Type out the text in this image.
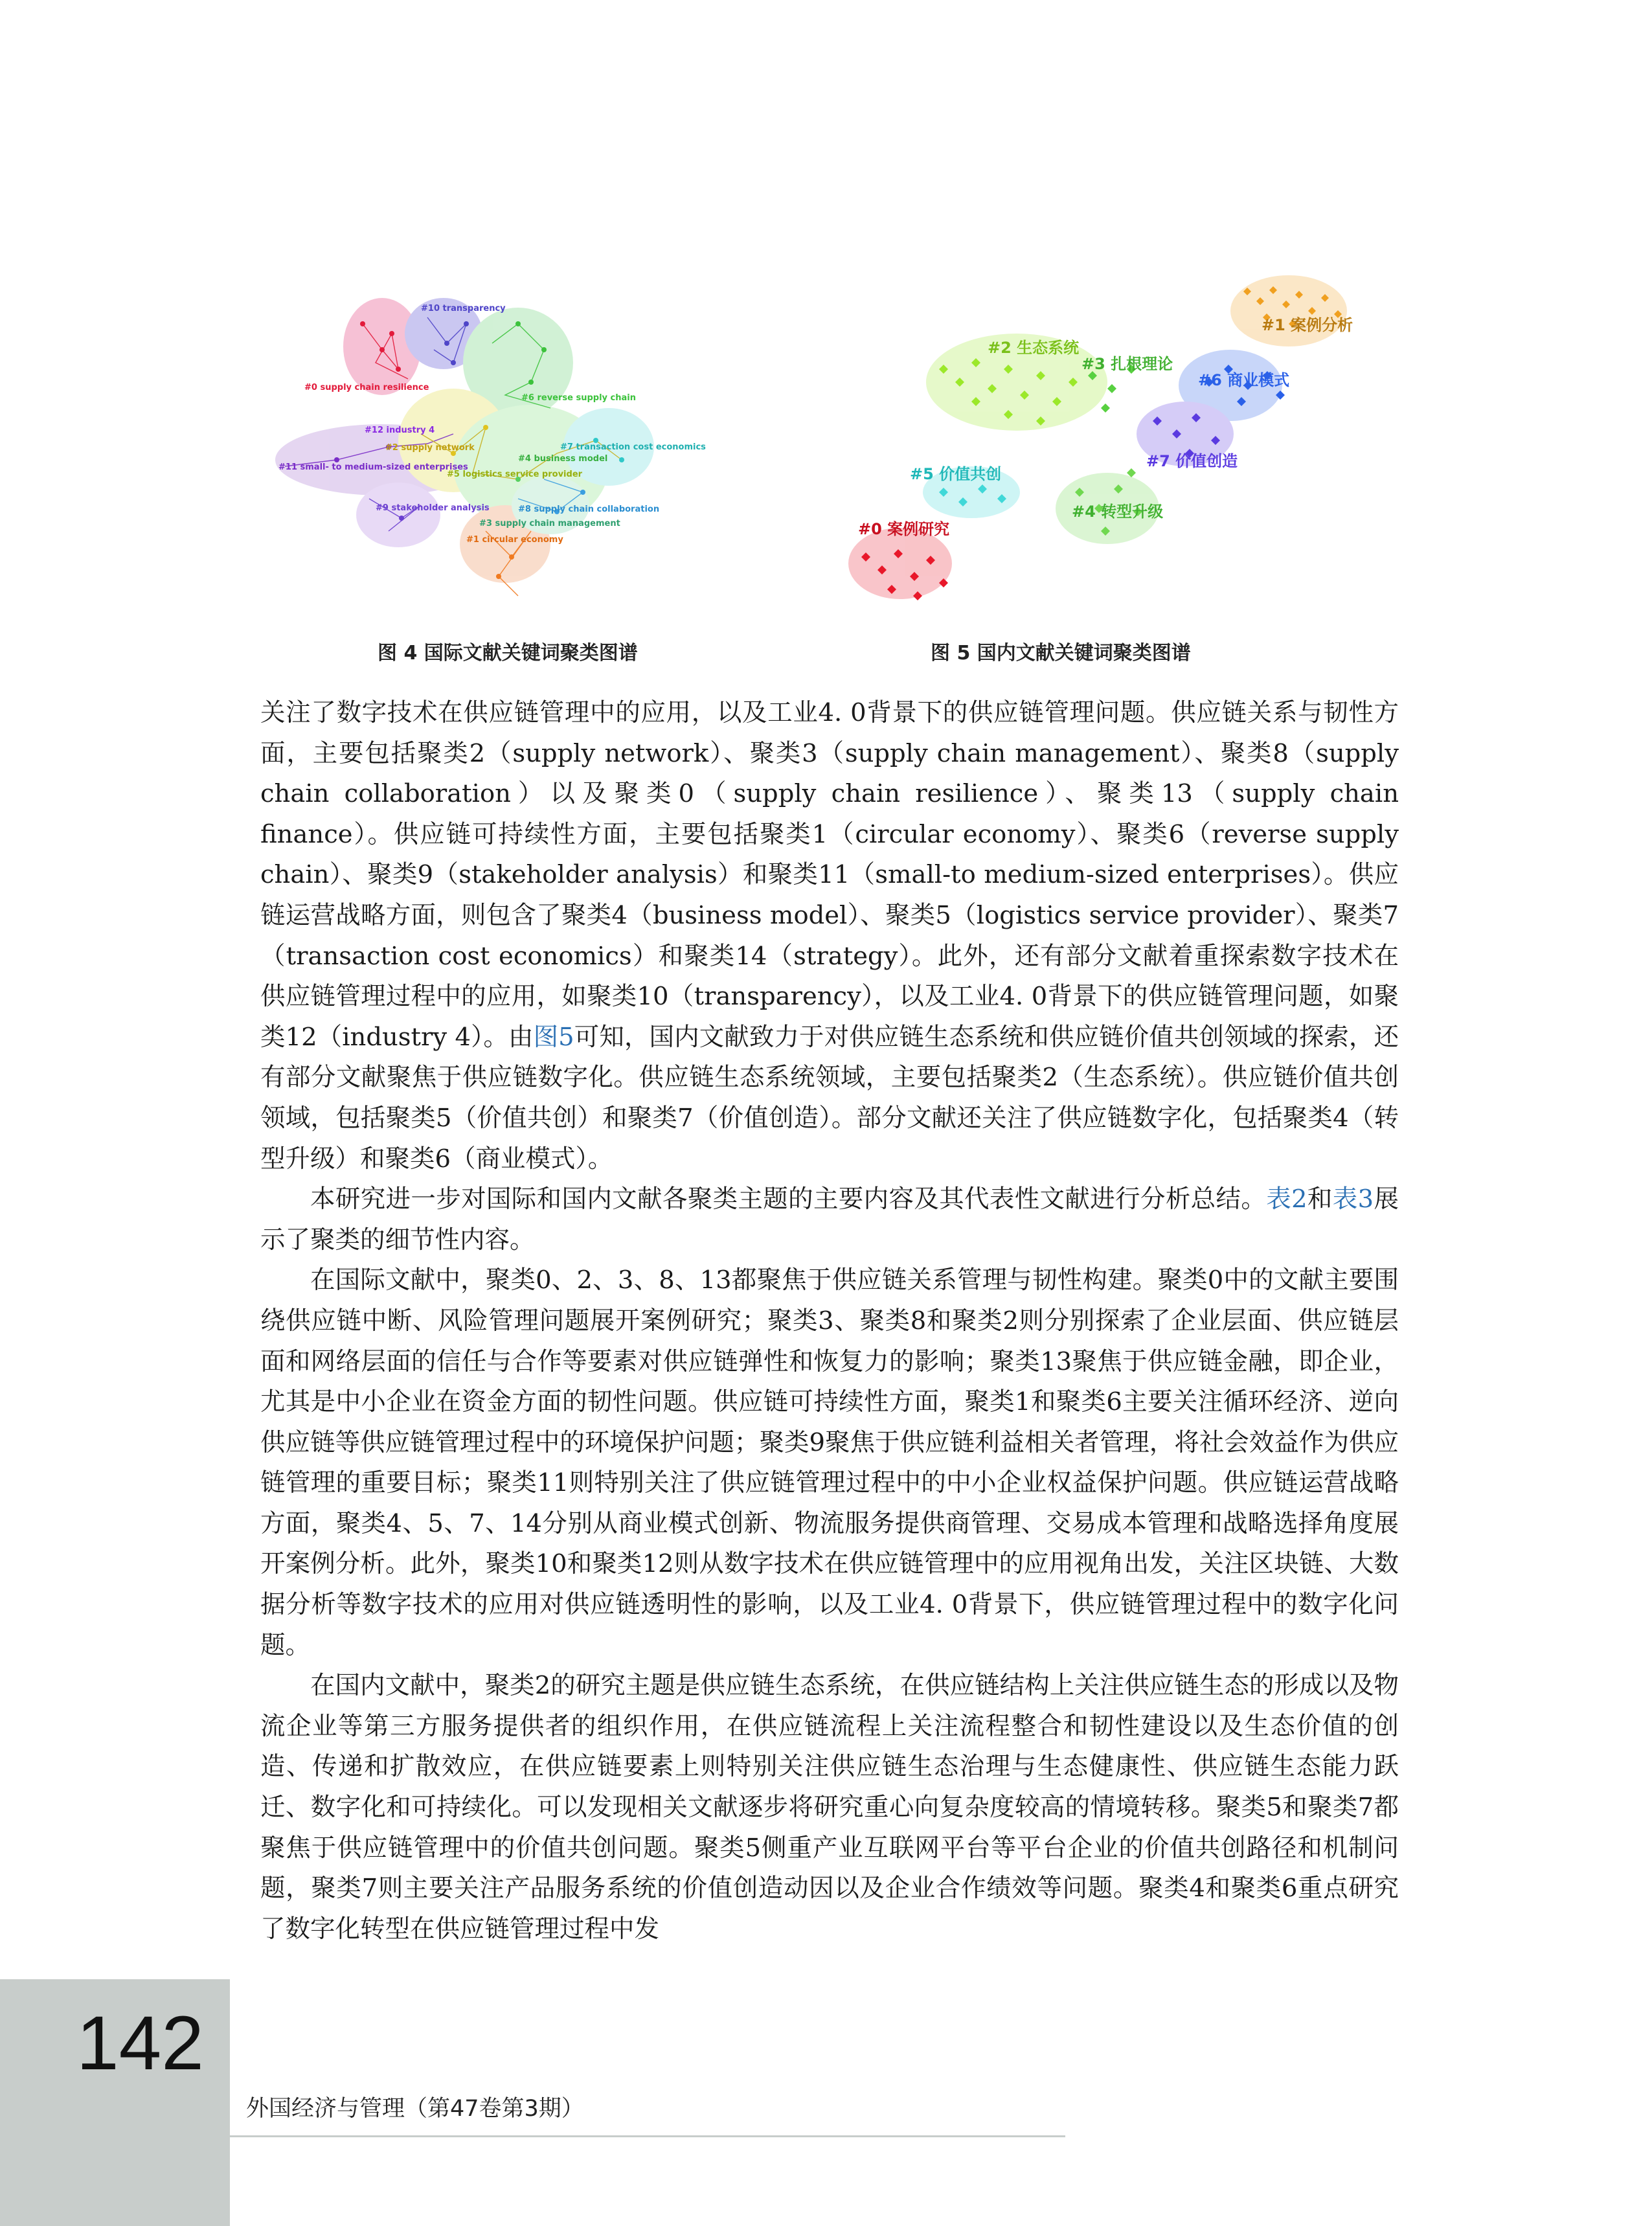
#10 transparency
#0 supply chain resilience
#6 reverse supply chain
#12 industry 4
#2 supply network
#11 small- to medium-sized enterprises
#4 business model
#7 transaction cost economics
#5 logistics service provider
#9 stakeholder analysis	#8 supply chain collaboration
#3 supply chain management
#1 circular economy
图 4 国际文献关键词聚类图谱
#1 案例分析
#2 生态系统
#3 扎根理论
#6 商业模式
#7 价值创造
#5 价值共创
#4 转型升级
#0 案例研究
图 5 国内文献关键词聚类图谱

关注了数字技术在供应链管理中的应用，以及工业4. 0背景下的供应链管理问题。供应链关系与韧性方面，主要包括聚类2（supply network）、聚类3（supply chain management）、聚类8（supply chain collaboration）以及聚类0（supply chain resilience）、聚类13（supply chain finance）。供应链可持续性方面，主要包括聚类1（circular economy）、聚类6（reverse supply chain）、聚类9（stakeholder analysis）和聚类11（small-to medium-sized enterprises）。供应链运营战略方面，则包含了聚类4（business model）、聚类5（logistics service provider）、聚类7（transaction cost economics）和聚类14（strategy）。此外，还有部分文献着重探索数字技术在供应链管理过程中的应用，如聚类10（transparency），以及工业4. 0背景下的供应链管理问题，如聚类12（industry 4）。由图5可知，国内文献致力于对供应链生态系统和供应链价值共创领域的探索，还有部分文献聚焦于供应链数字化。供应链生态系统领域，主要包括聚类2（生态系统）。供应链价值共创领域，包括聚类5（价值共创）和聚类7（价值创造）。部分文献还关注了供应链数字化，包括聚类4（转型升级）和聚类6（商业模式）。

本研究进一步对国际和国内文献各聚类主题的主要内容及其代表性文献进行分析总结。表2和表3展示了聚类的细节性内容。

在国际文献中，聚类0、2、3、8、13都聚焦于供应链关系管理与韧性构建。聚类0中的文献主要围绕供应链中断、风险管理问题展开案例研究；聚类3、聚类8和聚类2则分别探索了企业层面、供应链层面和网络层面的信任与合作等要素对供应链弹性和恢复力的影响；聚类13聚焦于供应链金融，即企业，尤其是中小企业在资金方面的韧性问题。供应链可持续性方面，聚类1和聚类6主要关注循环经济、逆向供应链等供应链管理过程中的环境保护问题；聚类9聚焦于供应链利益相关者管理，将社会效益作为供应链管理的重要目标；聚类11则特别关注了供应链管理过程中的中小企业权益保护问题。供应链运营战略方面，聚类4、5、7、14分别从商业模式创新、物流服务提供商管理、交易成本管理和战略选择角度展开案例分析。此外，聚类10和聚类12则从数字技术在供应链管理中的应用视角出发，关注区块链、大数据分析等数字技术的应用对供应链透明性的影响，以及工业4. 0背景下，供应链管理过程中的数字化问题。

在国内文献中，聚类2的研究主题是供应链生态系统，在供应链结构上关注供应链生态的形成以及物流企业等第三方服务提供者的组织作用，在供应链流程上关注流程整合和韧性建设以及生态价值的创造、传递和扩散效应，在供应链要素上则特别关注供应链生态治理与生态健康性、供应链生态能力跃迁、数字化和可持续化。可以发现相关文献逐步将研究重心向复杂度较高的情境转移。聚类5和聚类7都聚焦于供应链管理中的价值共创问题。聚类5侧重产业互联网平台等平台企业的价值共创路径和机制问题，聚类7则主要关注产品服务系统的价值创造动因以及企业合作绩效等问题。聚类4和聚类6重点研究了数字化转型在供应链管理过程中发

142
外国经济与管理（第47卷第3期）
